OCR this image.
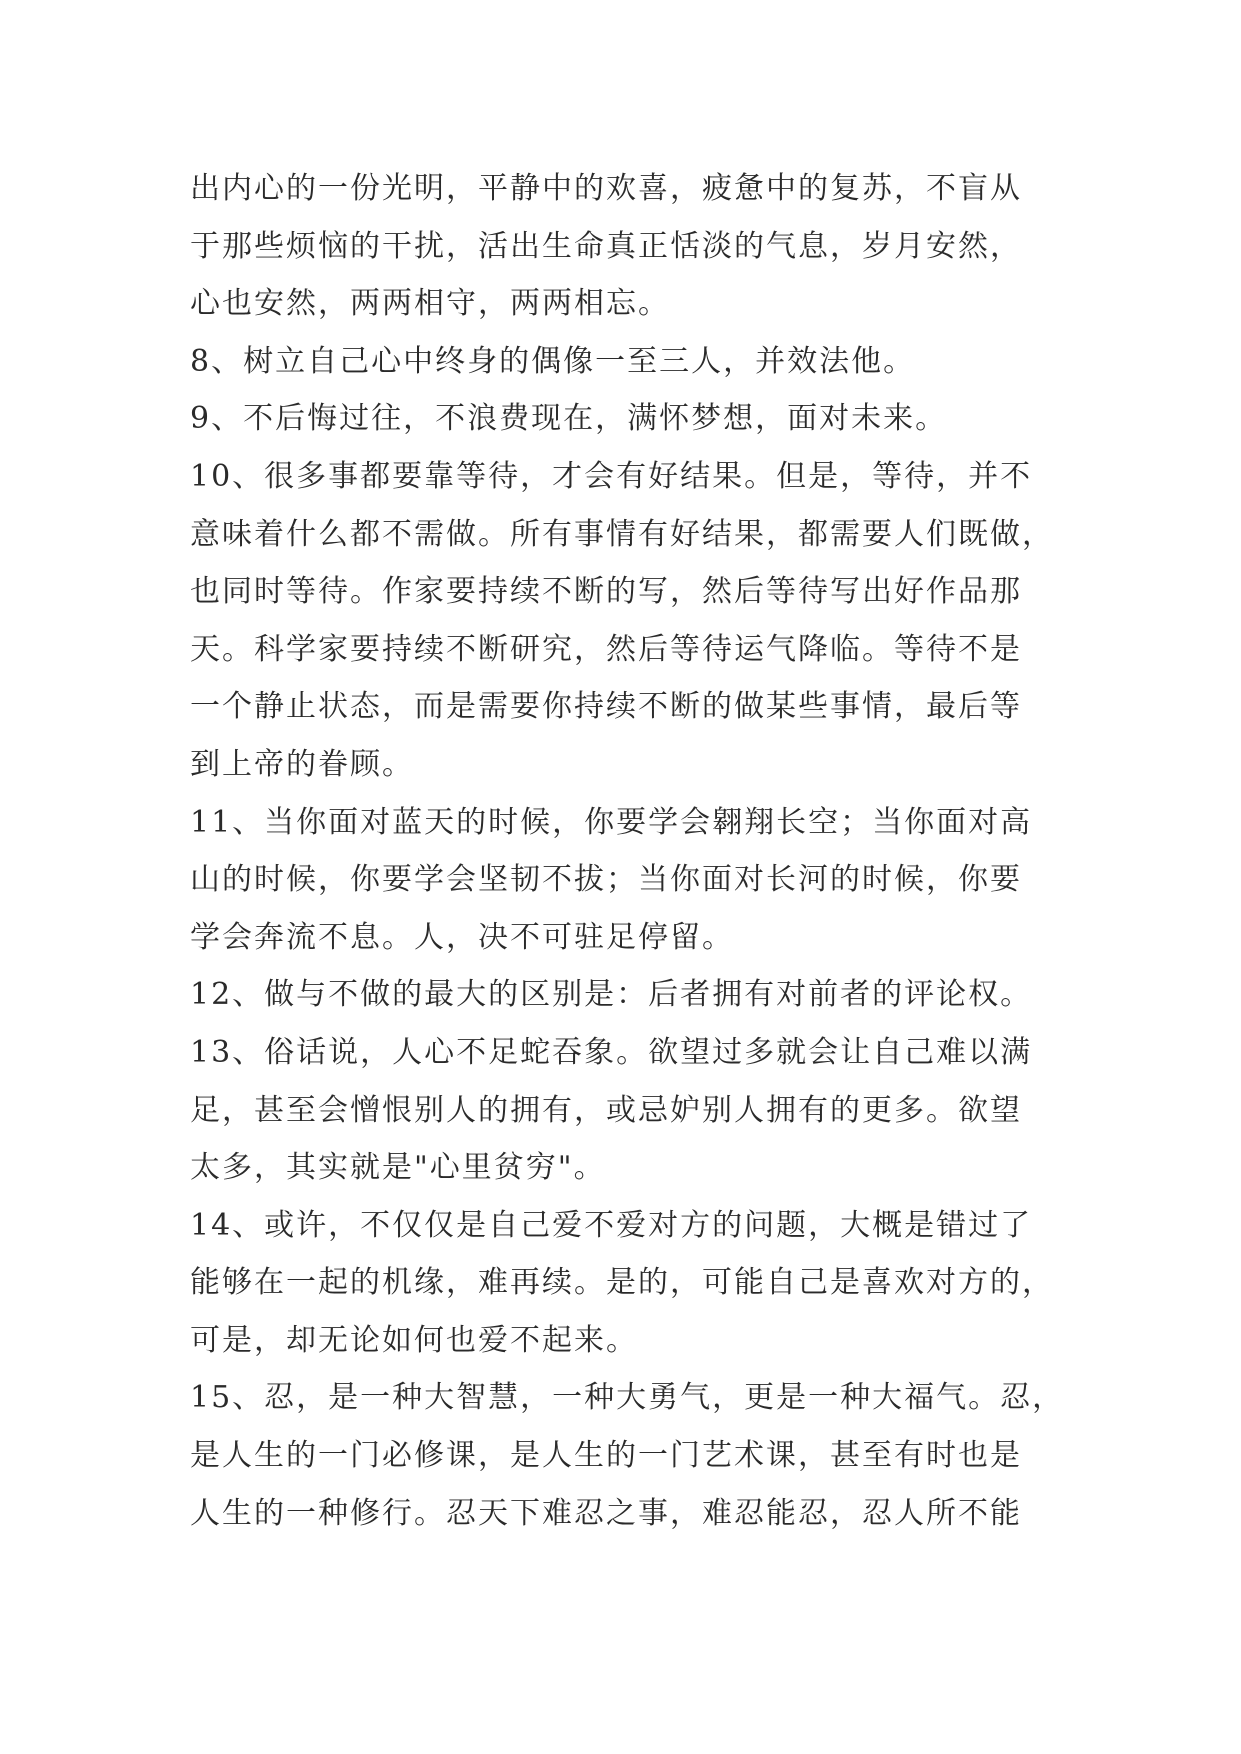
出内心的一份光明，平静中的欢喜，疲惫中的复苏，不盲从
于那些烦恼的干扰，活出生命真正恬淡的气息，岁月安然，
心也安然，两两相守，两两相忘。
8、树立自己心中终身的偶像一至三人，并效法他。
9、不后悔过往，不浪费现在，满怀梦想，面对未来。
10、很多事都要靠等待，才会有好结果。但是，等待，并不
意味着什么都不需做。所有事情有好结果，都需要人们既做，
也同时等待。作家要持续不断的写，然后等待写出好作品那
天。科学家要持续不断研究，然后等待运气降临。等待不是
一个静止状态，而是需要你持续不断的做某些事情，最后等
到上帝的眷顾。
11、当你面对蓝天的时候，你要学会翱翔长空；当你面对高
山的时候，你要学会坚韧不拔；当你面对长河的时候，你要
学会奔流不息。人，决不可驻足停留。
12、做与不做的最大的区别是：后者拥有对前者的评论权。
13、俗话说，人心不足蛇吞象。欲望过多就会让自己难以满
足，甚至会憎恨别人的拥有，或忌妒别人拥有的更多。欲望
太多，其实就是"心里贫穷"。
14、或许，不仅仅是自己爱不爱对方的问题，大概是错过了
能够在一起的机缘，难再续。是的，可能自己是喜欢对方的，
可是，却无论如何也爱不起来。
15、忍，是一种大智慧，一种大勇气，更是一种大福气。忍，
是人生的一门必修课，是人生的一门艺术课，甚至有时也是
人生的一种修行。忍天下难忍之事，难忍能忍，忍人所不能
